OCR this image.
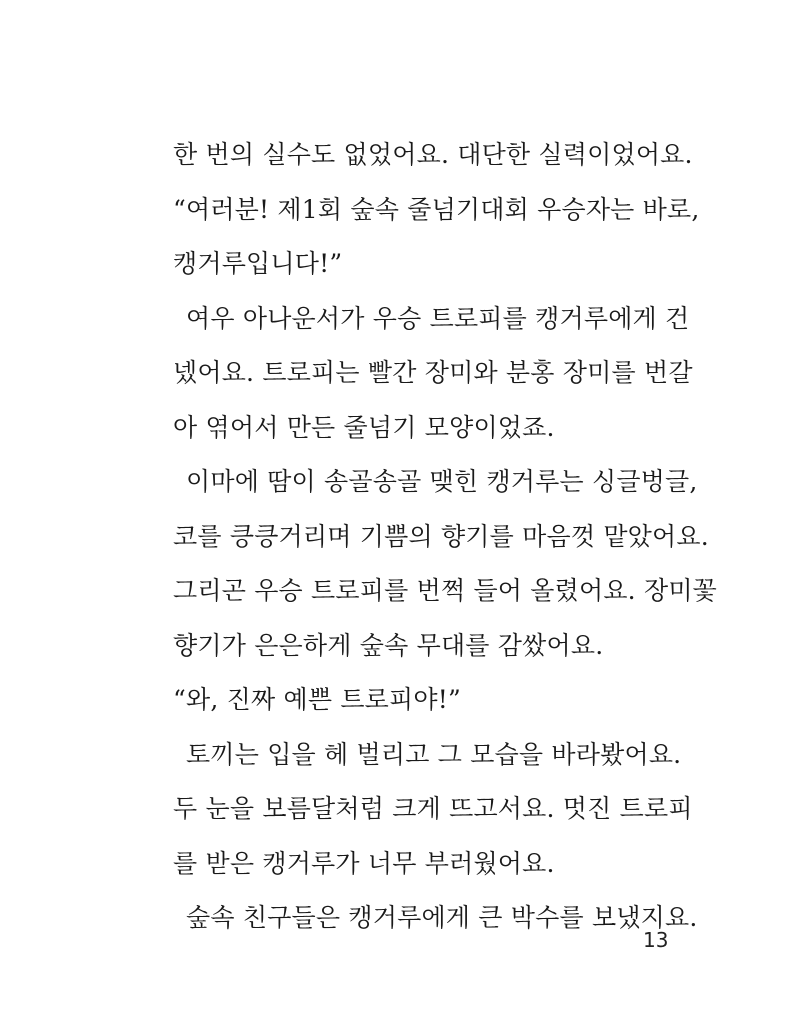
한 번의 실수도 없었어요. 대단한 실력이었어요.
“여러분! 제1회 숲속 줄넘기대회 우승자는 바로,
캥거루입니다!”
여우 아나운서가 우승 트로피를 캥거루에게 건
넸어요. 트로피는 빨간 장미와 분홍 장미를 번갈
아 엮어서 만든 줄넘기 모양이었죠.
이마에 땀이 송골송골 맺힌 캥거루는 싱글벙글,
코를 킁킁거리며 기쁨의 향기를 마음껏 맡았어요.
그리곤 우승 트로피를 번쩍 들어 올렸어요. 장미꽃
향기가 은은하게 숲속 무대를 감쌌어요.
“와, 진짜 예쁜 트로피야!”
토끼는 입을 헤 벌리고 그 모습을 바라봤어요.
두 눈을 보름달처럼 크게 뜨고서요. 멋진 트로피
를 받은 캥거루가 너무 부러웠어요.
숲속 친구들은 캥거루에게 큰 박수를 보냈지요.
13
